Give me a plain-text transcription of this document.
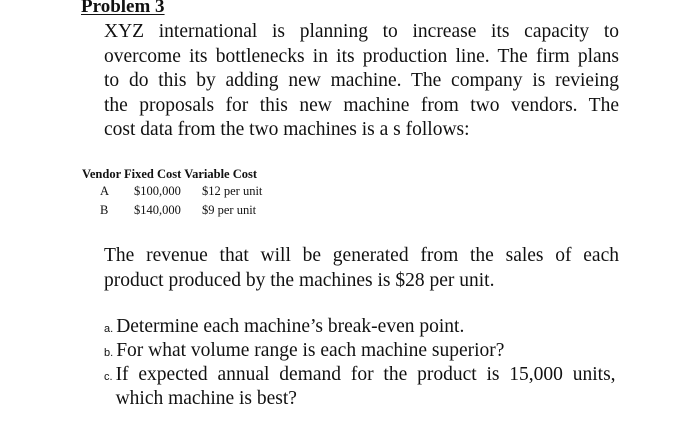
Problem 3
XYZ international is planning to increase its capacity to
overcome its bottlenecks in its production line. The firm plans
to do this by adding new machine. The company is revieing
the proposals for this new machine from two vendors. The
cost data from the two machines is a s follows:
Vendor Fixed Cost Variable Cost
A $100,000 $12 per unit
B $140,000 $9 per unit
The revenue that will be generated from the sales of each
product produced by the machines is $28 per unit.
a. Determine each machine’s break-even point.
b. For what volume range is each machine superior?
c. If expected annual demand for the product is 15,000 units,
which machine is best?
